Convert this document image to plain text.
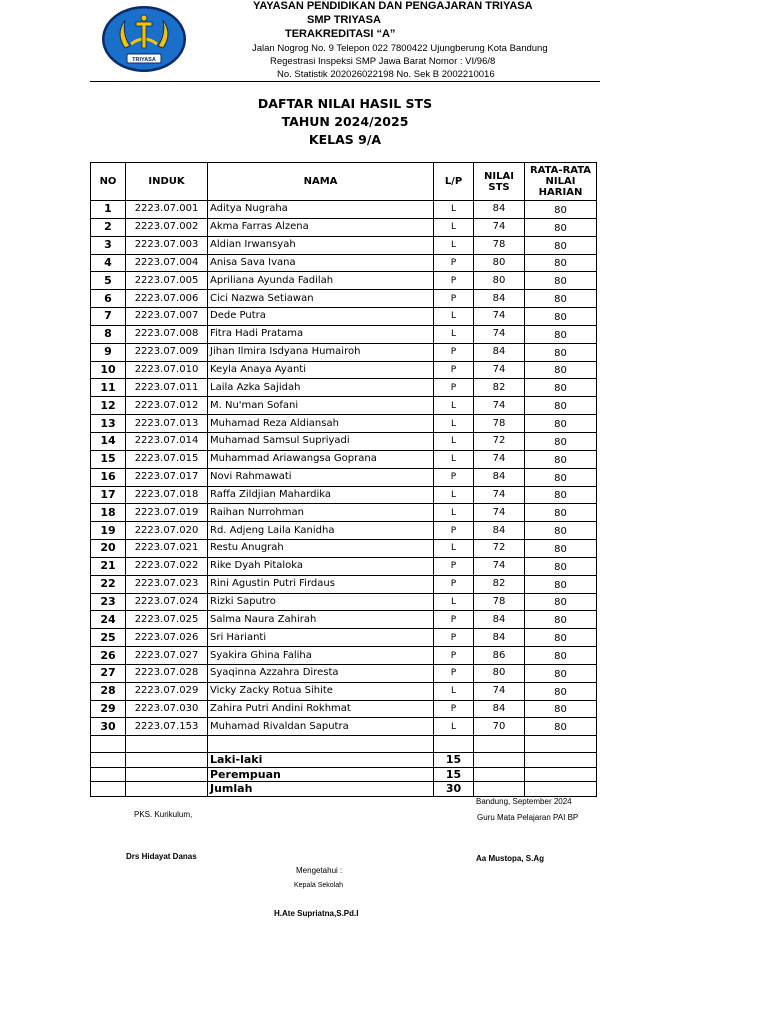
TRIYASA
YAYASAN PENDIDIKAN DAN PENGAJARAN TRIYASA
SMP TRIYASA
TERAKREDITASI “A”
Jalan Nogrog No. 9 Telepon 022 7800422 Ujungberung Kota Bandung
Regestrasi Inspeksi SMP Jawa Barat Nomor : VI/96/8
No. Statistik 202026022198 No. Sek B 2002210016
DAFTAR NILAI HASIL STS
TAHUN 2024/2025
KELAS 9/A
NO	INDUK	NAMA	L/P	NILAI STS	RATA-RATA NILAI HARIAN
1	2223.07.001	Aditya Nugraha	L	84	80
2	2223.07.002	Akma Farras Alzena	L	74	80
3	2223.07.003	Aldian Irwansyah	L	78	80
4	2223.07.004	Anisa Sava Ivana	P	80	80
5	2223.07.005	Apriliana Ayunda Fadilah	P	80	80
6	2223.07.006	Cici Nazwa Setiawan	P	84	80
7	2223.07.007	Dede Putra	L	74	80
8	2223.07.008	Fitra Hadi Pratama	L	74	80
9	2223.07.009	Jihan Ilmira Isdyana Humairoh	P	84	80
10	2223.07.010	Keyla Anaya Ayanti	P	74	80
11	2223.07.011	Laila Azka Sajidah	P	82	80
12	2223.07.012	M. Nu'man Sofani	L	74	80
13	2223.07.013	Muhamad Reza Aldiansah	L	78	80
14	2223.07.014	Muhamad Samsul Supriyadi	L	72	80
15	2223.07.015	Muhammad Ariawangsa Goprana	L	74	80
16	2223.07.017	Novi Rahmawati	P	84	80
17	2223.07.018	Raffa Zildjian Mahardika	L	74	80
18	2223.07.019	Raihan Nurrohman	L	74	80
19	2223.07.020	Rd. Adjeng Laila Kanidha	P	84	80
20	2223.07.021	Restu Anugrah	L	72	80
21	2223.07.022	Rike Dyah Pitaloka	P	74	80
22	2223.07.023	Rini Agustin Putri Firdaus	P	82	80
23	2223.07.024	Rizki Saputro	L	78	80
24	2223.07.025	Salma Naura Zahirah	P	84	80
25	2223.07.026	Sri Harianti	P	84	80
26	2223.07.027	Syakira Ghina Faliha	P	86	80
27	2223.07.028	Syaqinna Azzahra Diresta	P	80	80
28	2223.07.029	Vicky Zacky Rotua Sihite	L	74	80
29	2223.07.030	Zahira Putri Andini Rokhmat	P	84	80
30	2223.07.153	Muhamad Rivaldan Saputra	L	70	80

		Laki-laki	15		
		Perempuan	15		
		Jumlah	30		
Bandung, September 2024
PKS. Kurikulum,	Guru Mata Pelajaran PAI BP
Drs Hidayat Danas	Aa Mustopa, S.Ag
Mengetahui :
Kepala Sekolah
H.Ate Supriatna,S.Pd.I
